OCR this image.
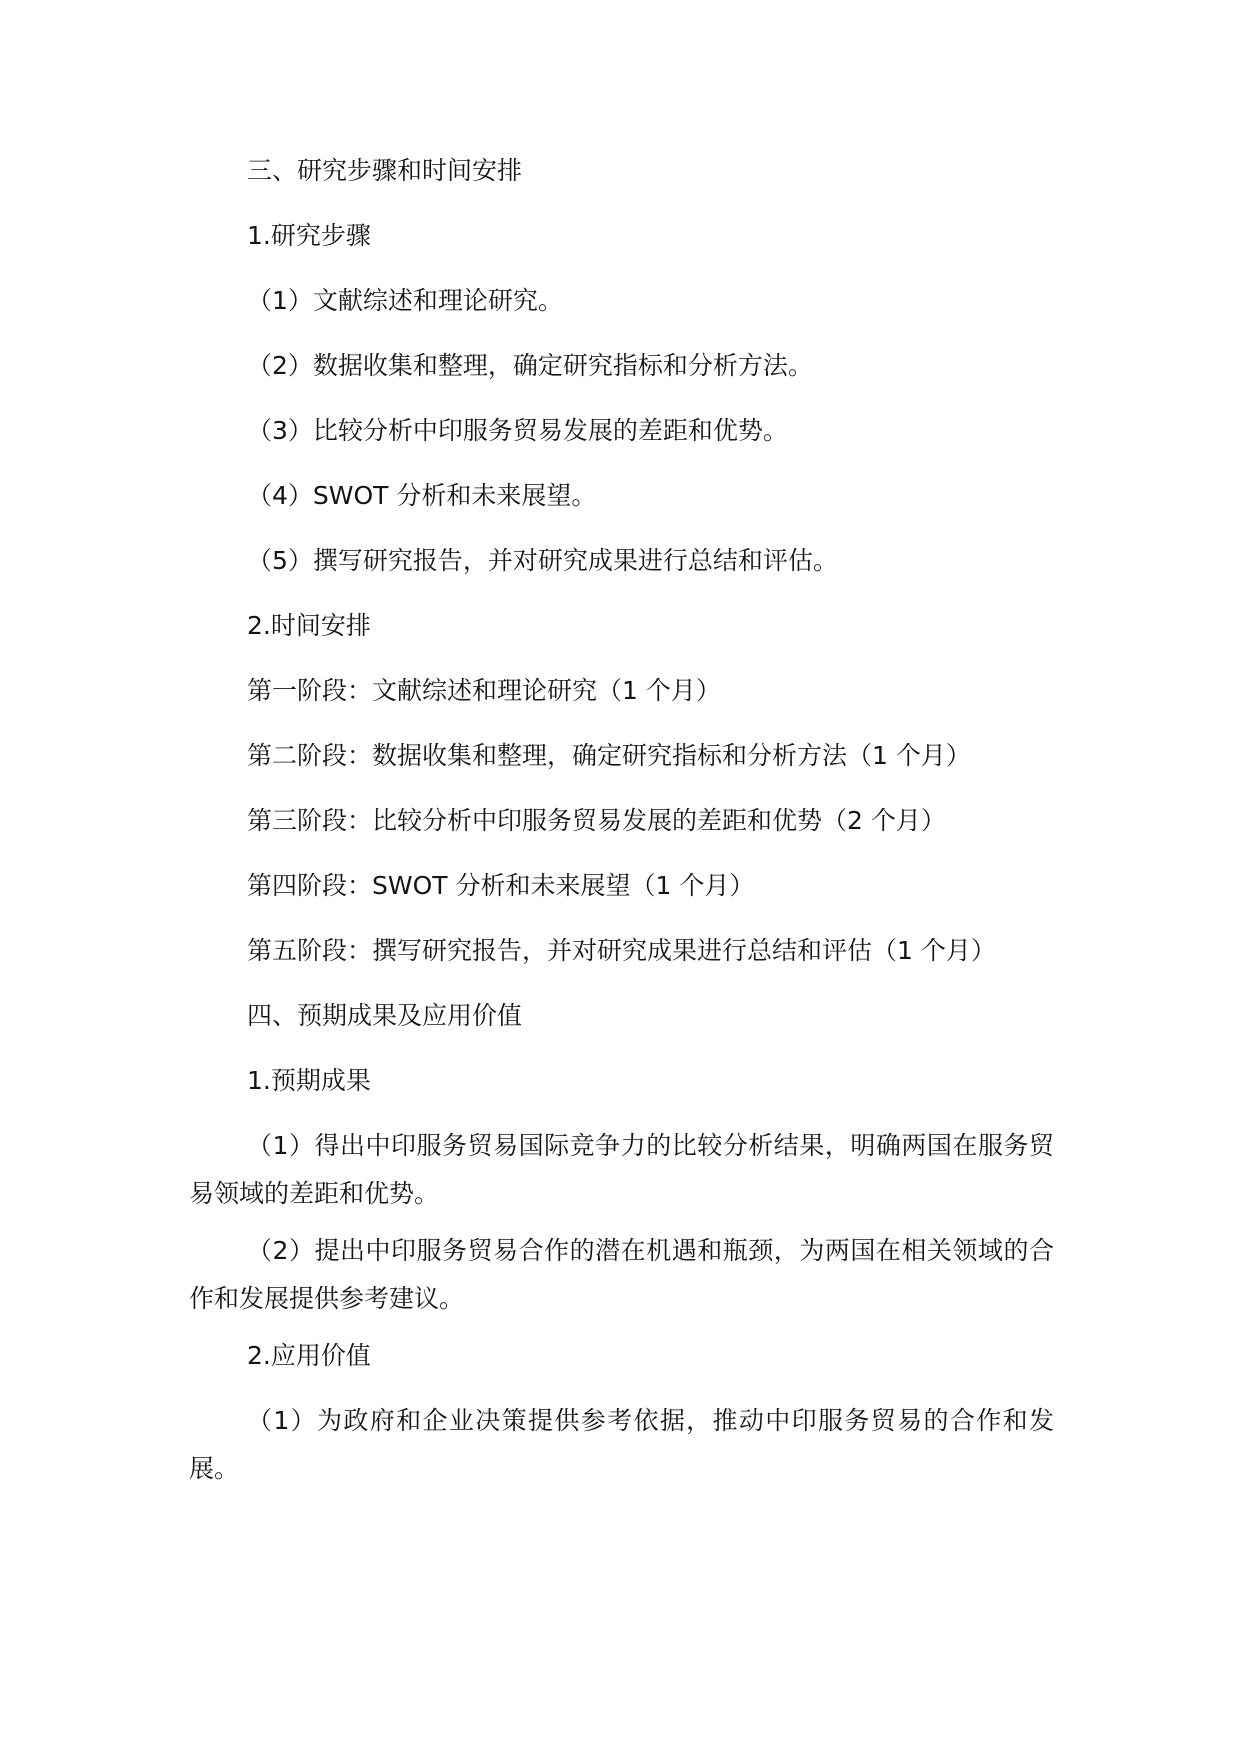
三、研究步骤和时间安排

1.研究步骤

（1）文献综述和理论研究。

（2）数据收集和整理，确定研究指标和分析方法。

（3）比较分析中印服务贸易发展的差距和优势。

（4）SWOT 分析和未来展望。

（5）撰写研究报告，并对研究成果进行总结和评估。

2.时间安排

第一阶段：文献综述和理论研究（1 个月）

第二阶段：数据收集和整理，确定研究指标和分析方法（1 个月）

第三阶段：比较分析中印服务贸易发展的差距和优势（2 个月）

第四阶段：SWOT 分析和未来展望（1 个月）

第五阶段：撰写研究报告，并对研究成果进行总结和评估（1 个月）

四、预期成果及应用价值

1.预期成果

（1）得出中印服务贸易国际竞争力的比较分析结果，明确两国在服务贸易领域的差距和优势。

（2）提出中印服务贸易合作的潜在机遇和瓶颈，为两国在相关领域的合作和发展提供参考建议。

2.应用价值

（1）为政府和企业决策提供参考依据，推动中印服务贸易的合作和发展。
